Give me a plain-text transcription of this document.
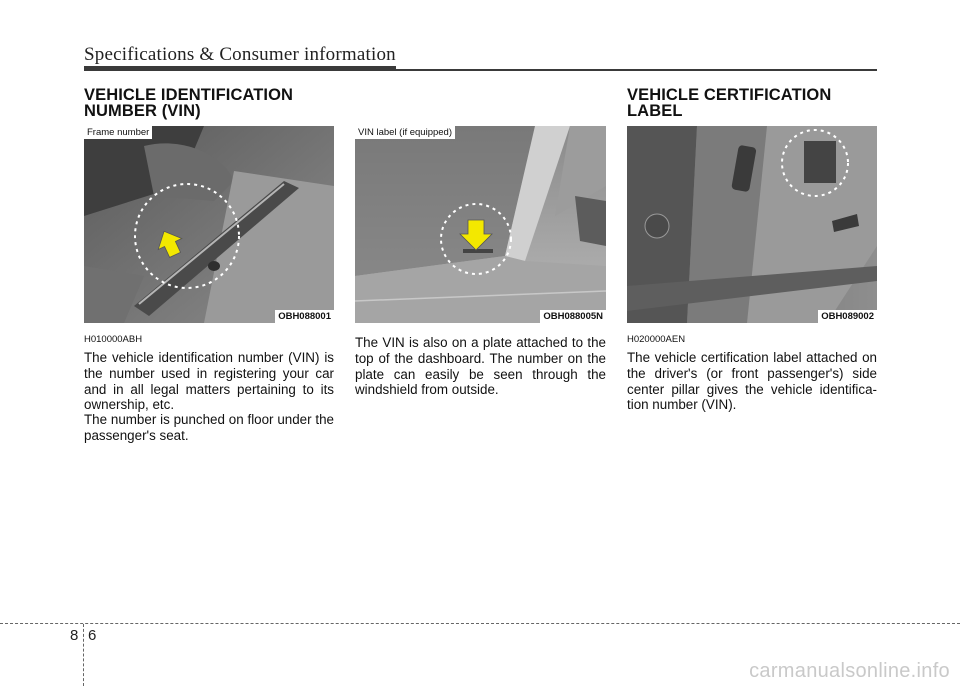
Specifications & Consumer information
VEHICLE IDENTIFICATION
NUMBER (VIN)
VEHICLE CERTIFICATION
LABEL
Frame number
OBH088001
VIN label (if equipped)
OBH088005N	OBH089002
H010000ABH

The vehicle identification number (VIN) is the number used in registering your car and in all legal matters pertaining to its ownership, etc.

The number is punched on floor under the passenger's seat.

The VIN is also on a plate attached to the top of the dashboard. The number on the plate can easily be seen through the windshield from outside.

H020000AEN

The vehicle certification label attached on the driver's (or front passenger's) side center pillar gives the vehicle identifica-tion number (VIN).

8 6
carmanualsonline.info
